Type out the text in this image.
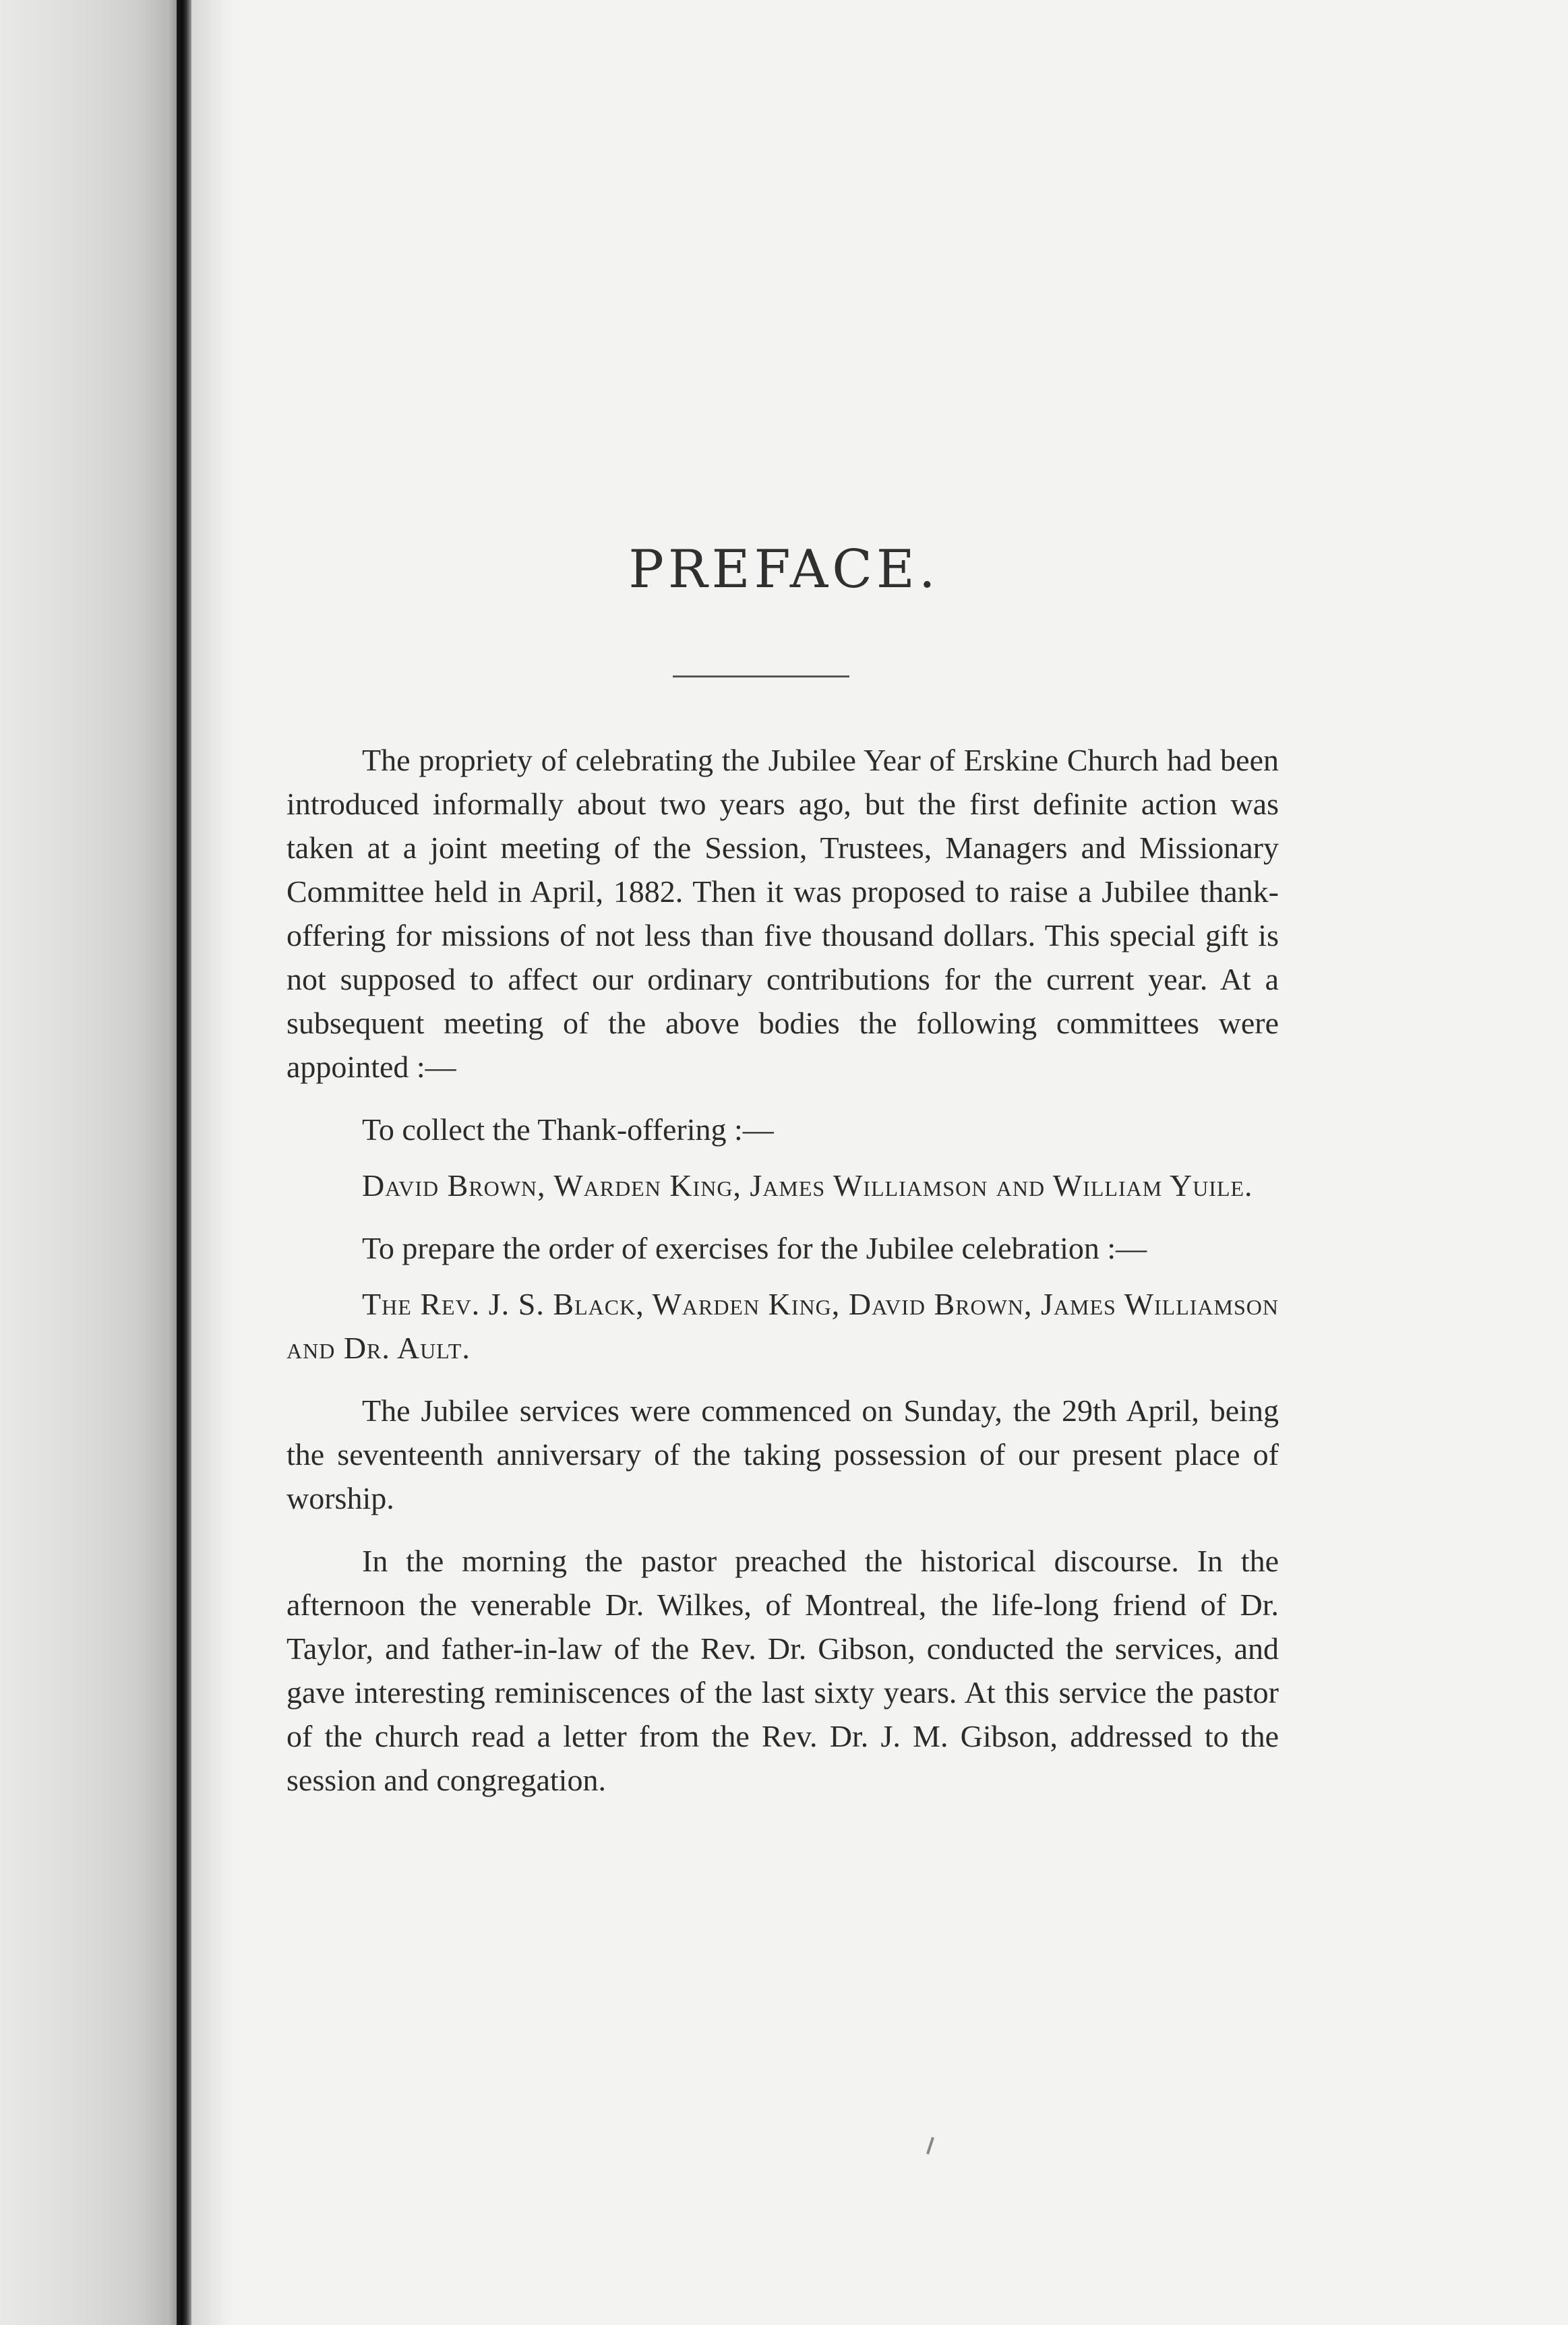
PREFACE.

The propriety of celebrating the Jubilee Year of Erskine Church had been introduced informally about two years ago, but the first definite action was taken at a joint meeting of the Session, Trustees, Managers and Missionary Committee held in April, 1882. Then it was proposed to raise a Jubilee thank-offering for missions of not less than five thousand dollars. This special gift is not supposed to affect our ordinary contributions for the current year. At a subsequent meeting of the above bodies the following committees were appointed :—

To collect the Thank-offering :—

David Brown, Warden King, James Williamson and William Yuile.

To prepare the order of exercises for the Jubilee celebration :—

The Rev. J. S. Black, Warden King, David Brown, James Williamson and Dr. Ault.

The Jubilee services were commenced on Sunday, the 29th April, being the seventeenth anniversary of the taking possession of our present place of worship.

In the morning the pastor preached the historical discourse. In the afternoon the venerable Dr. Wilkes, of Montreal, the life-long friend of Dr. Taylor, and father-in-law of the Rev. Dr. Gibson, conducted the services, and gave interesting reminiscences of the last sixty years. At this service the pastor of the church read a letter from the Rev. Dr. J. M. Gibson, addressed to the session and congregation.
